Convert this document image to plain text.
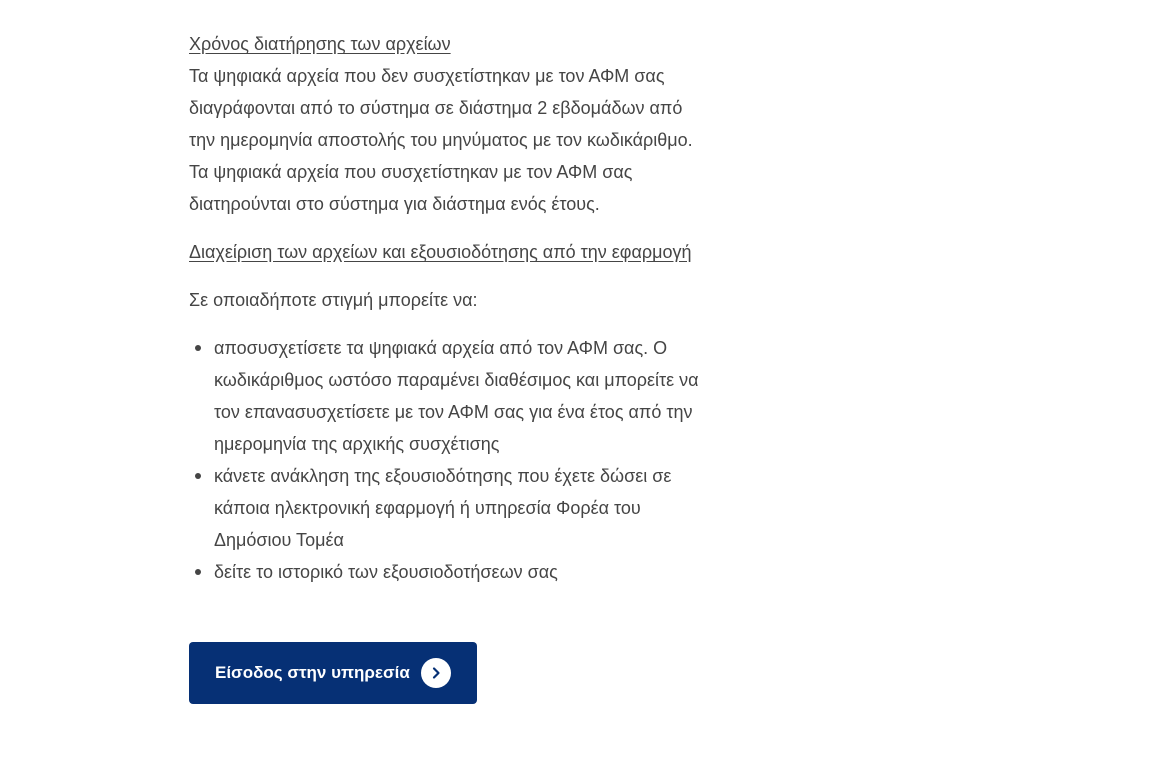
Χρόνος διατήρησης των αρχείων

Τα ψηφιακά αρχεία που δεν συσχετίστηκαν με τον ΑΦΜ σας

διαγράφονται από το σύστημα σε διάστημα 2 εβδομάδων από

την ημερομηνία αποστολής του μηνύματος με τον κωδικάριθμο.

Τα ψηφιακά αρχεία που συσχετίστηκαν με τον ΑΦΜ σας

διατηρούνται στο σύστημα για διάστημα ενός έτους.

Διαχείριση των αρχείων και εξουσιοδότησης από την εφαρμογή

Σε οποιαδήποτε στιγμή μπορείτε να:

αποσυσχετίσετε τα ψηφιακά αρχεία από τον ΑΦΜ σας. Ο
κωδικάριθμος ωστόσο παραμένει διαθέσιμος και μπορείτε να
τον επανασυσχετίσετε με τον ΑΦΜ σας για ένα έτος από την
ημερομηνία της αρχικής συσχέτισης
κάνετε ανάκληση της εξουσιοδότησης που έχετε δώσει σε
κάποια ηλεκτρονική εφαρμογή ή υπηρεσία Φορέα του
Δημόσιου Τομέα
δείτε το ιστορικό των εξουσιοδοτήσεων σας
Είσοδος στην υπηρεσία
